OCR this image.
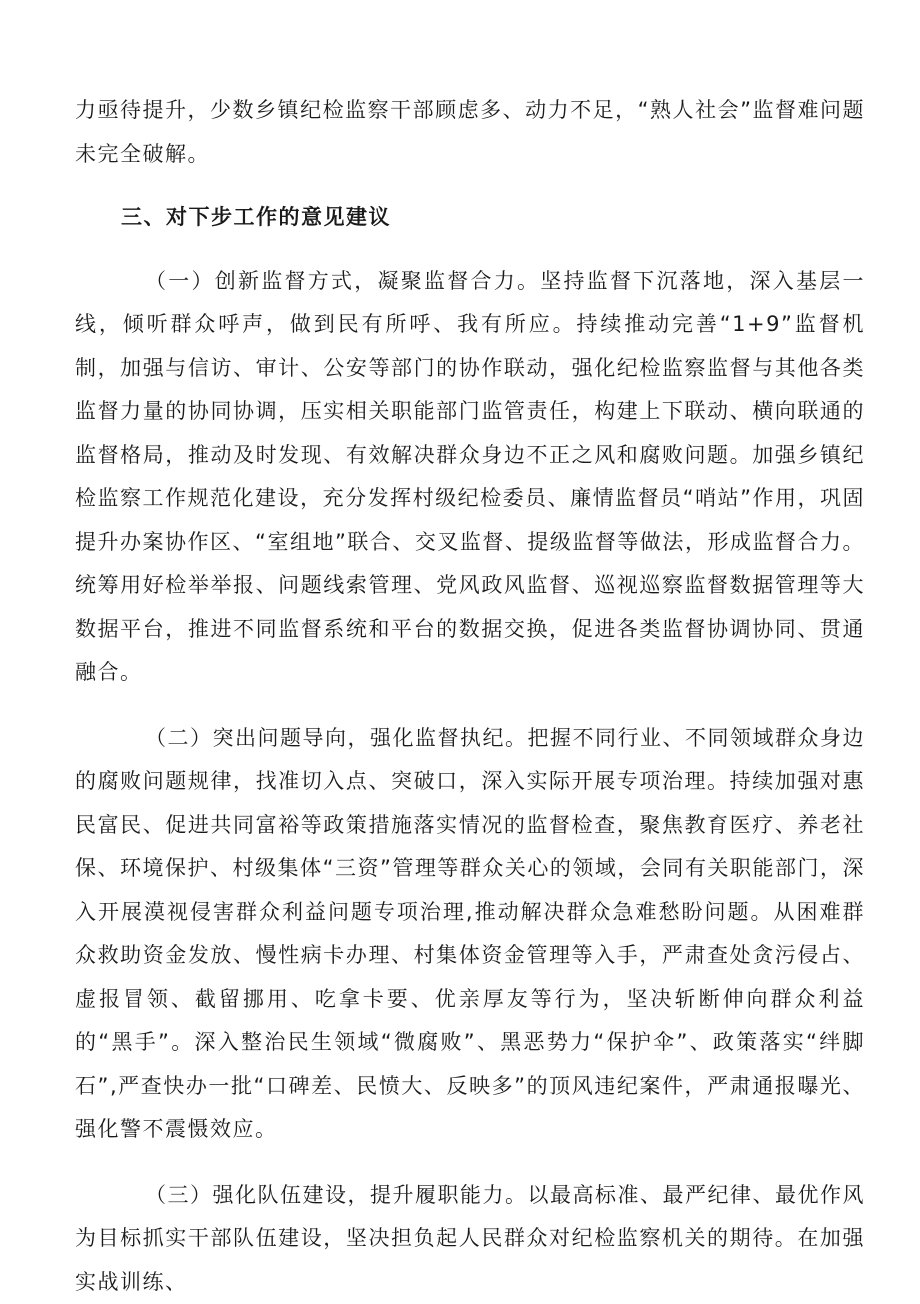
力亟待提升，少数乡镇纪检监察干部顾虑多、动力不足，“熟人社会”监督难问题未完全破解。

三、对下步工作的意见建议

（一）创新监督方式，凝聚监督合力。坚持监督下沉落地，深入基层一线，倾听群众呼声，做到民有所呼、我有所应。持续推动完善“1+9”监督机制，加强与信访、审计、公安等部门的协作联动，强化纪检监察监督与其他各类监督力量的协同协调，压实相关职能部门监管责任，构建上下联动、横向联通的监督格局，推动及时发现、有效解决群众身边不正之风和腐败问题。加强乡镇纪检监察工作规范化建设，充分发挥村级纪检委员、廉情监督员“哨站”作用，巩固提升办案协作区、“室组地”联合、交叉监督、提级监督等做法，形成监督合力。统筹用好检举举报、问题线索管理、党风政风监督、巡视巡察监督数据管理等大数据平台，推进不同监督系统和平台的数据交换，促进各类监督协调协同、贯通融合。

（二）突出问题导向，强化监督执纪。把握不同行业、不同领域群众身边的腐败问题规律，找准切入点、突破口，深入实际开展专项治理。持续加强对惠民富民、促进共同富裕等政策措施落实情况的监督检查，聚焦教育医疗、养老社保、环境保护、村级集体“三资”管理等群众关心的领域，会同有关职能部门，深入开展漠视侵害群众利益问题专项治理,推动解决群众急难愁盼问题。从困难群众救助资金发放、慢性病卡办理、村集体资金管理等入手，严肃查处贪污侵占、虚报冒领、截留挪用、吃拿卡要、优亲厚友等行为，坚决斩断伸向群众利益的“黑手”。深入整治民生领域“微腐败”、黑恶势力“保护伞”、政策落实“绊脚石”,严查快办一批“口碑差、民愤大、反映多”的顶风违纪案件，严肃通报曝光、强化警不震慑效应。

（三）强化队伍建设，提升履职能力。以最高标准、最严纪律、最优作风为目标抓实干部队伍建设，坚决担负起人民群众对纪检监察机关的期待。在加强实战训练、
